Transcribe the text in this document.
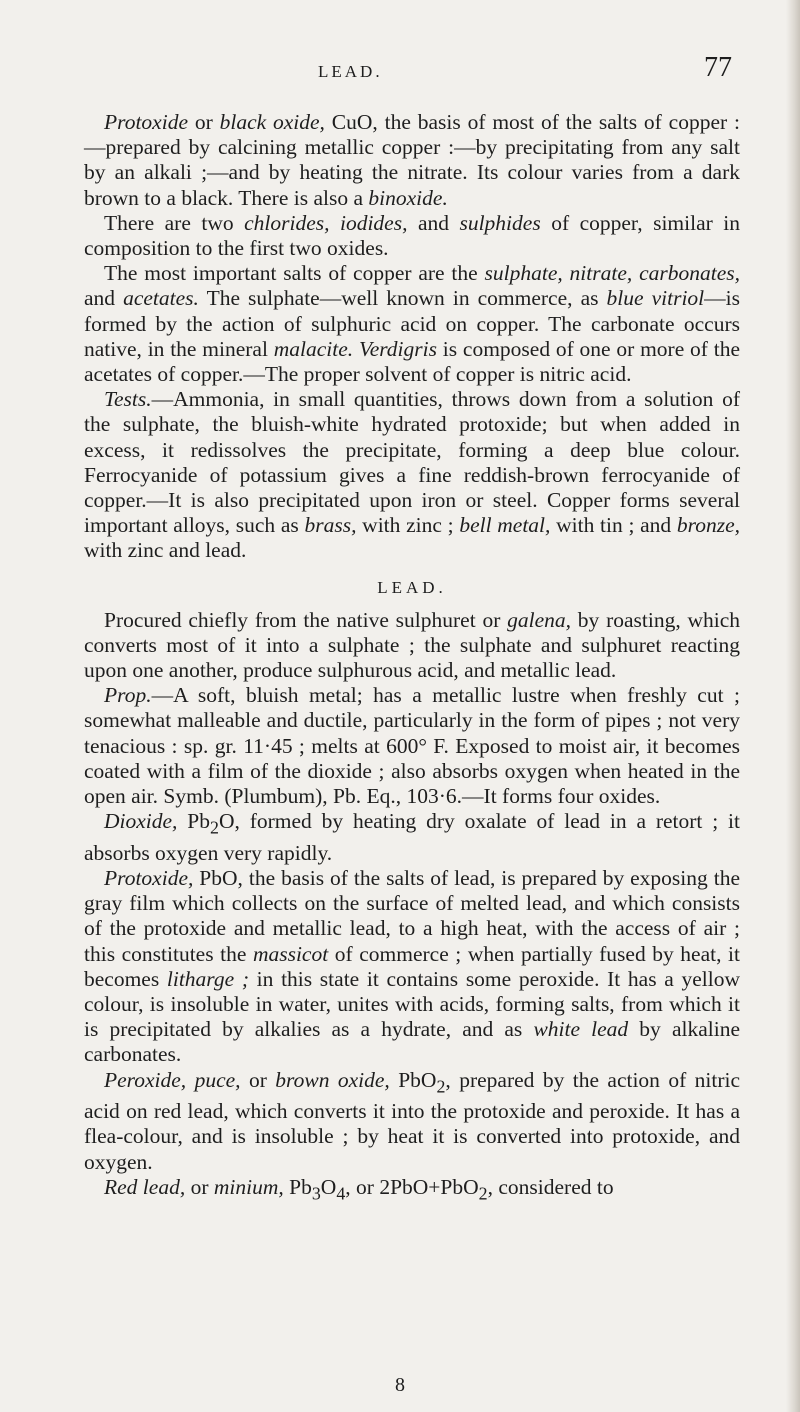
LEAD.	77

Protoxide or black oxide, CuO, the basis of most of the salts of copper :—prepared by calcining metallic copper :—by precipitating from any salt by an alkali ;—and by heating the nitrate. Its colour varies from a dark brown to a black. There is also a binoxide.

There are two chlorides, iodides, and sulphides of copper, similar in composition to the first two oxides.

The most important salts of copper are the sulphate, nitrate, carbonates, and acetates. The sulphate—well known in commerce, as blue vitriol—is formed by the action of sulphuric acid on copper. The carbonate occurs native, in the mineral malacite. Verdigris is composed of one or more of the acetates of copper.—The proper solvent of copper is nitric acid.

Tests.—Ammonia, in small quantities, throws down from a solution of the sulphate, the bluish-white hydrated protoxide; but when added in excess, it redissolves the precipitate, forming a deep blue colour. Ferrocyanide of potassium gives a fine reddish-brown ferrocyanide of copper.—It is also precipitated upon iron or steel. Copper forms several important alloys, such as brass, with zinc ; bell metal, with tin ; and bronze, with zinc and lead.

LEAD.

Procured chiefly from the native sulphuret or galena, by roasting, which converts most of it into a sulphate ; the sulphate and sulphuret reacting upon one another, produce sulphurous acid, and metallic lead.

Prop.—A soft, bluish metal; has a metallic lustre when freshly cut ; somewhat malleable and ductile, particularly in the form of pipes ; not very tenacious : sp. gr. 11·45 ; melts at 600° F. Exposed to moist air, it becomes coated with a film of the dioxide ; also absorbs oxygen when heated in the open air. Symb. (Plumbum), Pb. Eq., 103·6.—It forms four oxides.

Dioxide, $Pb_2O$, formed by heating dry oxalate of lead in a retort ; it absorbs oxygen very rapidly.

Protoxide, PbO, the basis of the salts of lead, is prepared by exposing the gray film which collects on the surface of melted lead, and which consists of the protoxide and metallic lead, to a high heat, with the access of air ; this constitutes the massicot of commerce ; when partially fused by heat, it becomes litharge ; in this state it contains some peroxide. It has a yellow colour, is insoluble in water, unites with acids, forming salts, from which it is precipitated by alkalies as a hydrate, and as white lead by alkaline carbonates.

Peroxide, puce, or brown oxide, PbO$_2$, prepared by the action of nitric acid on red lead, which converts it into the protoxide and peroxide. It has a flea-colour, and is insoluble ; by heat it is converted into protoxide, and oxygen.

Red lead, or minium, $Pb_3O_4$, or 2PbO+PbO$_2$, considered to

8
